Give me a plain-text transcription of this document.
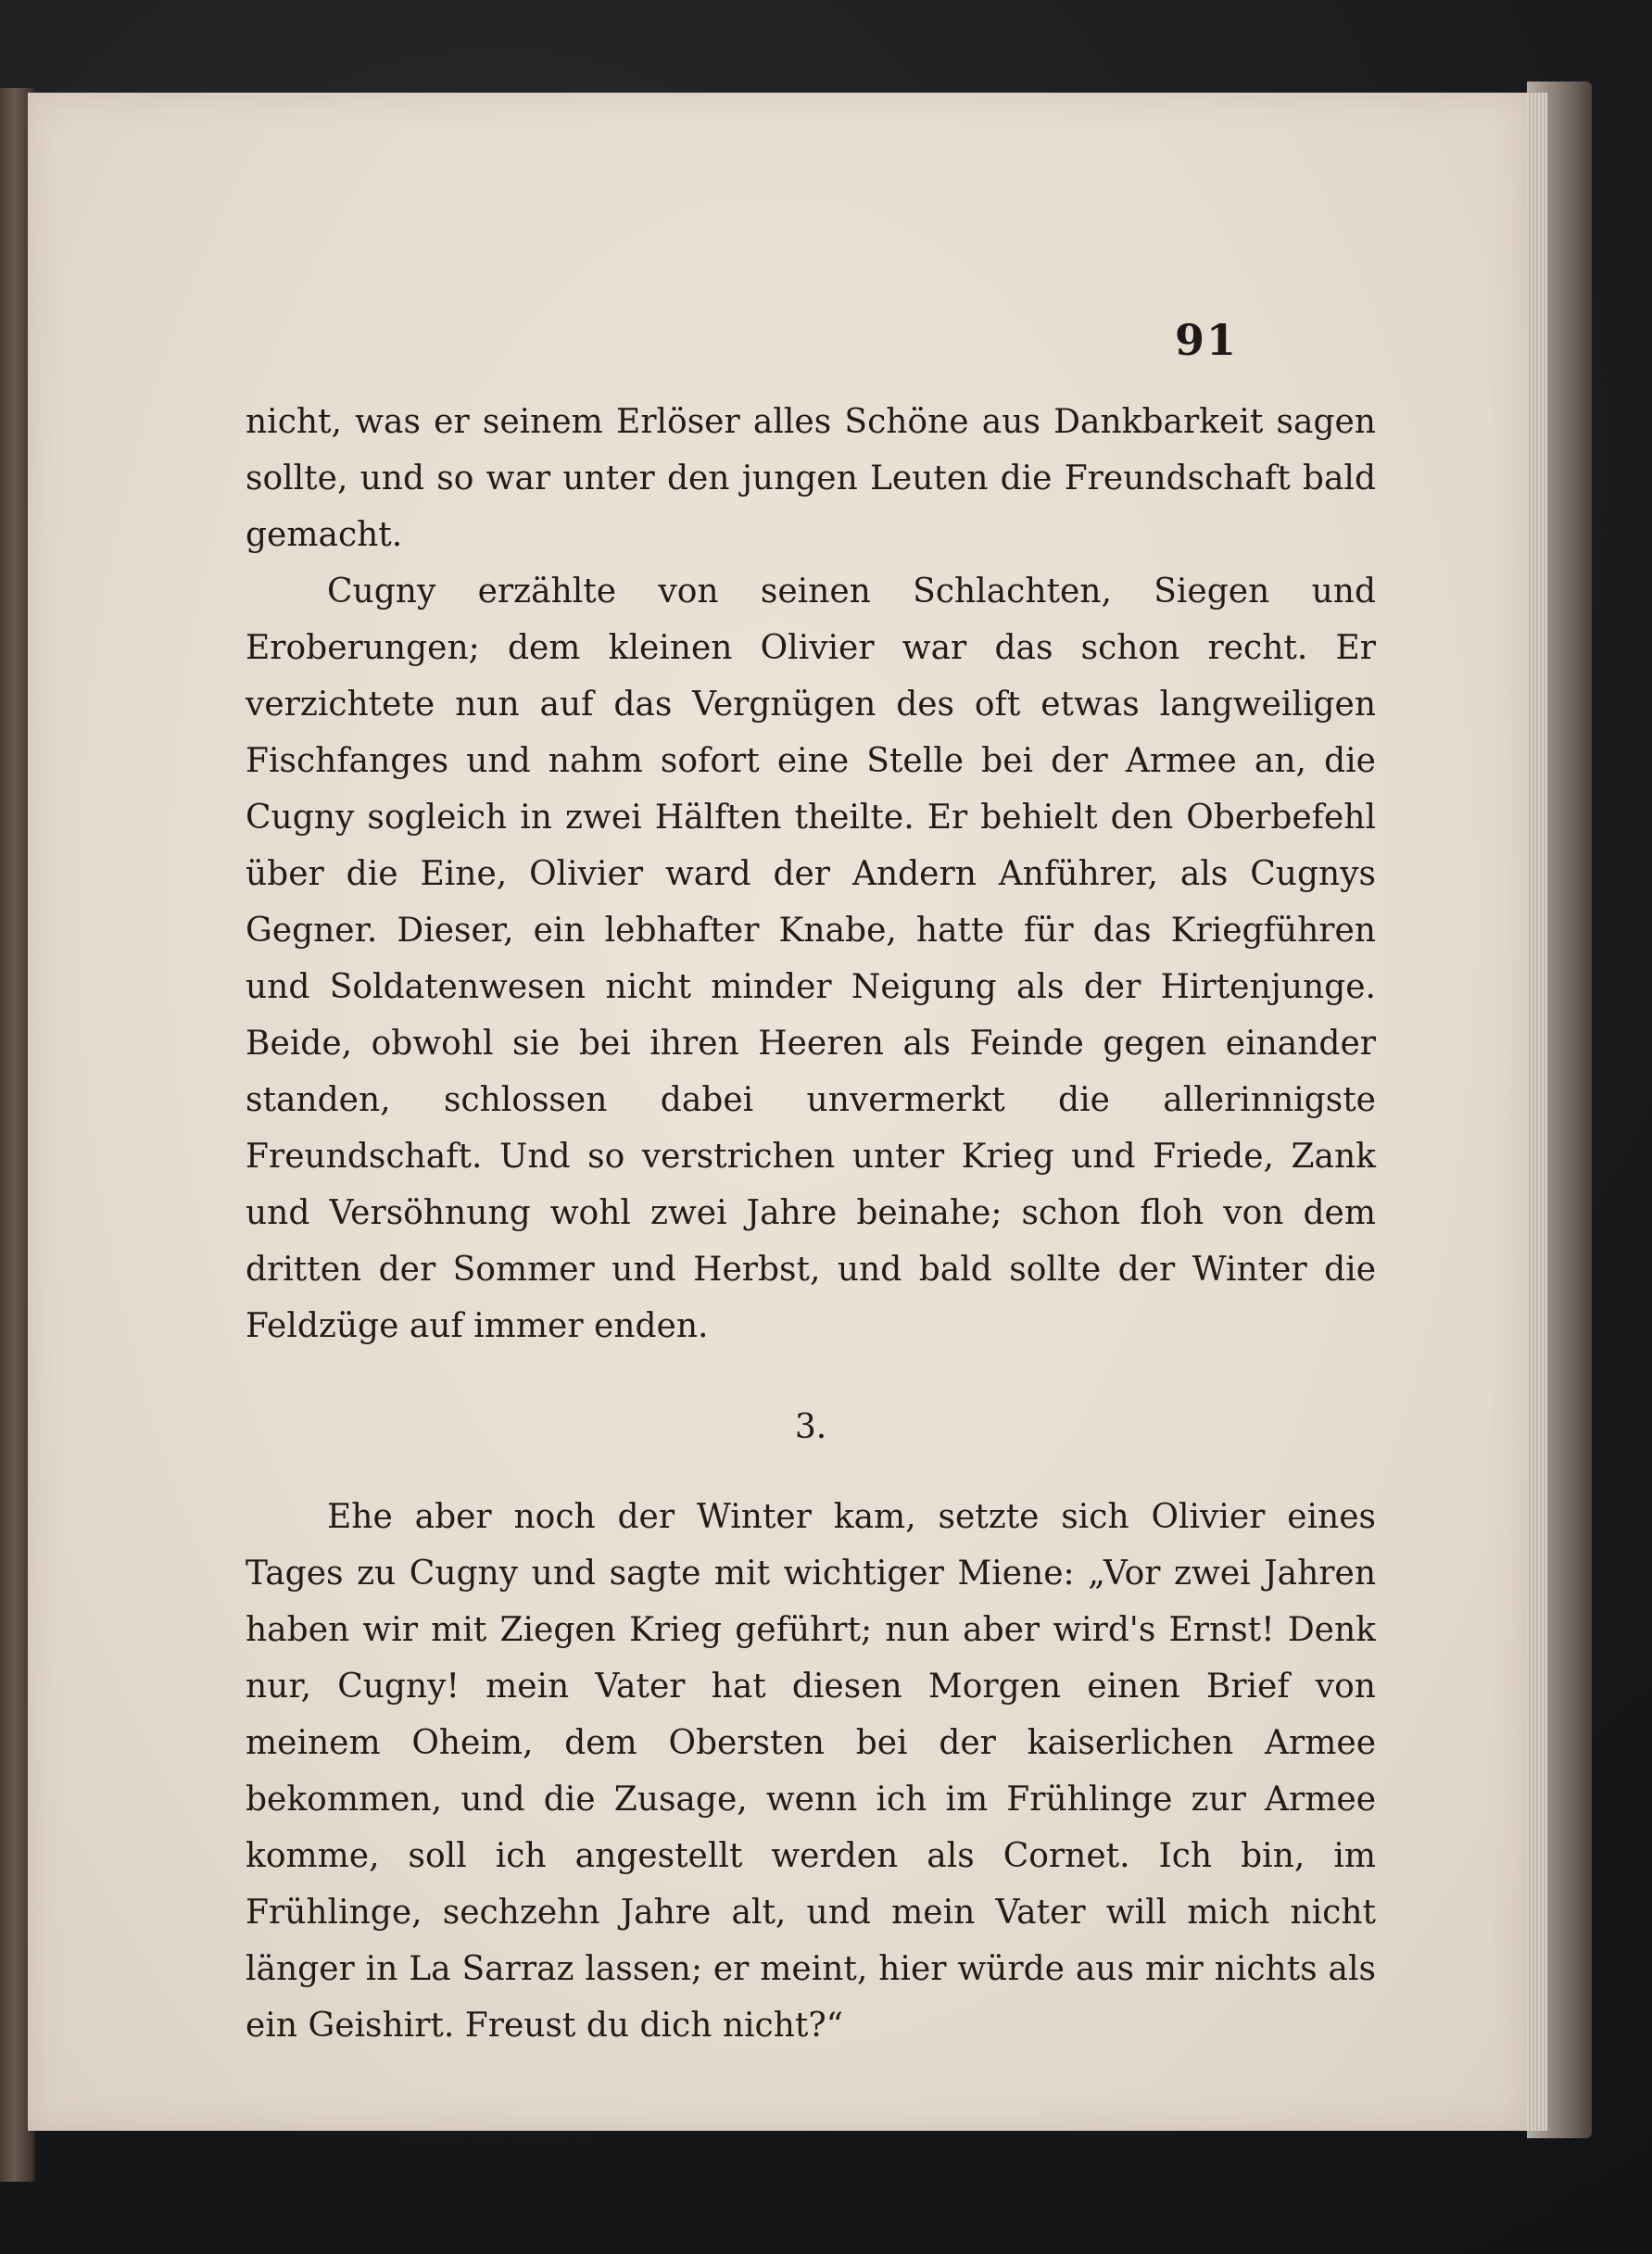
91

nicht, was er seinem Erlöser alles Schöne aus Dankbarkeit sagen sollte, und so war unter den jungen Leuten die Freundschaft bald gemacht.

Cugny erzählte von seinen Schlachten, Siegen und Eroberungen; dem kleinen Olivier war das schon recht. Er verzichtete nun auf das Vergnügen des oft etwas langweiligen Fischfanges und nahm sofort eine Stelle bei der Armee an, die Cugny sogleich in zwei Hälften theilte. Er behielt den Oberbefehl über die Eine, Olivier ward der Andern Anführer, als Cugnys Gegner. Dieser, ein lebhafter Knabe, hatte für das Kriegführen und Soldatenwesen nicht minder Neigung als der Hirtenjunge. Beide, obwohl sie bei ihren Heeren als Feinde gegen einander standen, schlossen dabei unvermerkt die allerinnigste Freundschaft. Und so verstrichen unter Krieg und Friede, Zank und Versöhnung wohl zwei Jahre beinahe; schon floh von dem dritten der Sommer und Herbst, und bald sollte der Winter die Feldzüge auf immer enden.

3.

Ehe aber noch der Winter kam, setzte sich Olivier eines Tages zu Cugny und sagte mit wichtiger Miene: „Vor zwei Jahren haben wir mit Ziegen Krieg geführt; nun aber wird's Ernst! Denk nur, Cugny! mein Vater hat diesen Morgen einen Brief von meinem Oheim, dem Obersten bei der kaiserlichen Armee bekommen, und die Zusage, wenn ich im Frühlinge zur Armee komme, soll ich angestellt werden als Cornet. Ich bin, im Frühlinge, sechzehn Jahre alt, und mein Vater will mich nicht länger in La Sarraz lassen; er meint, hier würde aus mir nichts als ein Geishirt. Freust du dich nicht?“
